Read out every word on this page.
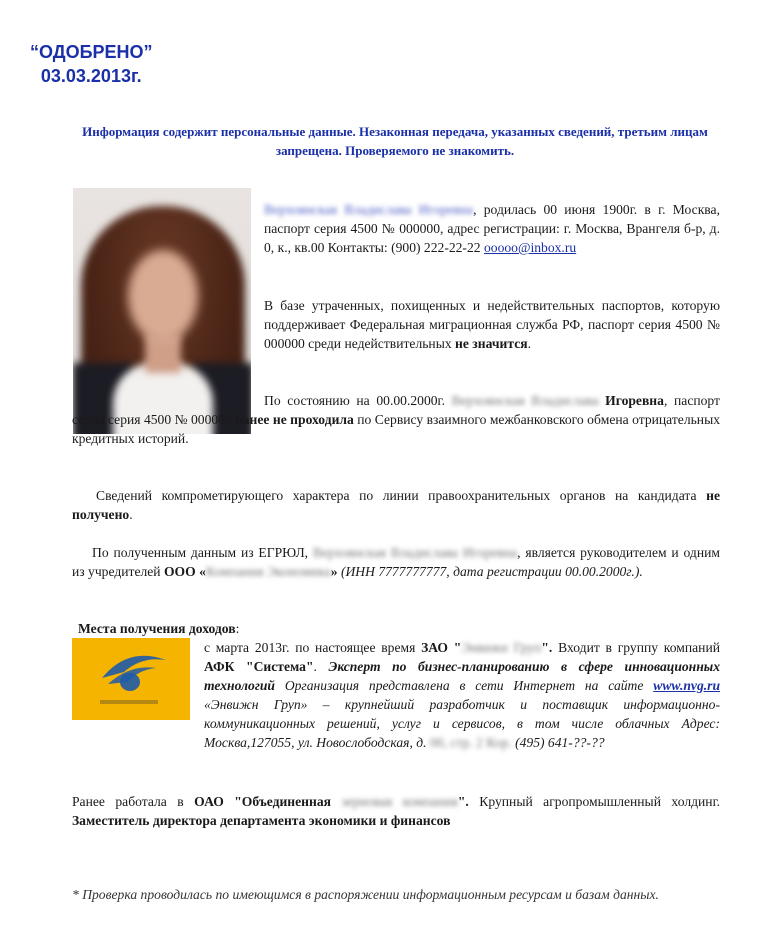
“ОДОБРЕНО”
03.03.2013г.
Информация содержит персональные данные. Незаконная передача, указанных сведений, третьим лицам запрещена. Проверяемого не знакомить.
Верхоянская Владислава Игоревна, родилась 00 июня 1900г. в г. Москва, паспорт серия 4500 № 000000, адрес регистрации: г. Москва, Врангеля б-р, д. 0, к., кв.00 Контакты: (900) 222-22-22 ooooo@inbox.ru
В базе утраченных, похищенных и недействительных паспортов, которую поддерживает Федеральная миграционная служба РФ, паспорт серия 4500 № 000000 среди недействительных не значится.
По состоянию на 00.00.2000г. Верхоянская Владислава Игоревна, паспорт серия серия 4500 № 000000 ранее не проходила по Сервису взаимного межбанковского обмена отрицательных кредитных историй.
Сведений компрометирующего характера по линии правоохранительных органов на кандидата не получено.
По полученным данным из ЕГРЮЛ, Верхоянская Владислава Игоревна, является руководителем и одним из учредителей ООО «Компания Экономика» (ИНН 7777777777, дата регистрации 00.00.2000г.).
Места получения доходов:
с марта 2013г. по настоящее время ЗАО "Энвижн Груп". Входит в группу компаний АФК "Система". Эксперт по бизнес-планированию в сфере инновационных технологий Организация представлена в сети Интернет на сайте www.nvg.ru «Энвижн Груп» – крупнейший разработчик и поставщик информационно-коммуникационных решений, услуг и сервисов, в том числе облачных Адрес: Москва,127055, ул. Новослободская, д. 00, стр. 2 Кор. (495) 641-??-??
Ранее работала в ОАО "Объединенная зерновая компания". Крупный агропромышленный холдинг. Заместитель директора департамента экономики и финансов
* Проверка проводилась по имеющимся в распоряжении информационным ресурсам и базам данных.
